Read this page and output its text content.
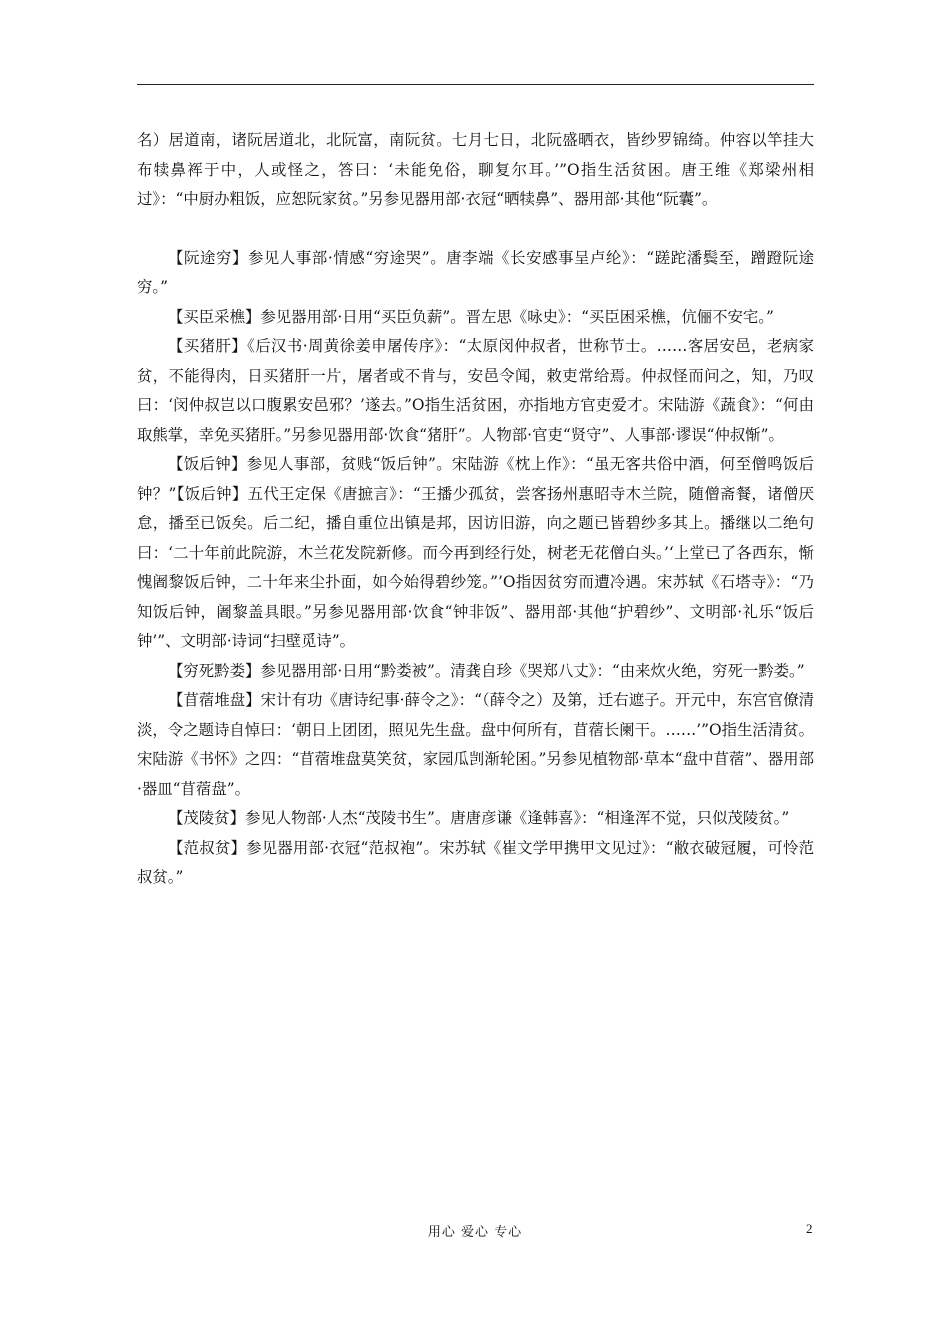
名）居道南，诸阮居道北，北阮富，南阮贫。七月七日，北阮盛晒衣，皆纱罗锦绮。仲容以竿挂大布犊鼻裈于中，人或怪之，答曰：‘未能免俗，聊复尔耳。’”O指生活贫困。唐王维《郑梁州相过》：“中厨办粗饭，应恕阮家贫。”另参见器用部·衣冠“晒犊鼻”、器用部·其他“阮囊”。

【阮途穷】参见人事部·情感“穷途哭”。唐李端《长安感事呈卢纶》：“蹉跎潘鬓至，蹭蹬阮途穷。”

【买臣采樵】参见器用部·日用“买臣负薪”。晋左思《咏史》：“买臣困采樵，伉俪不安宅。”

【买猪肝】《后汉书·周黄徐姜申屠传序》：“太原闵仲叔者，世称节士。……客居安邑，老病家贫，不能得肉，日买猪肝一片，屠者或不肯与，安邑令闻，敕吏常给焉。仲叔怪而问之，知，乃叹曰：‘闵仲叔岂以口腹累安邑邪？’遂去。”O指生活贫困，亦指地方官吏爱才。宋陆游《蔬食》：“何由取熊掌，幸免买猪肝。”另参见器用部·饮食“猪肝”。人物部·官吏“贤守”、人事部·谬误“仲叔惭”。

【饭后钟】参见人事部，贫贱“饭后钟”。宋陆游《枕上作》：“虽无客共俗中酒，何至僧鸣饭后钟？”【饭后钟】五代王定保《唐摭言》：“王播少孤贫，尝客扬州惠昭寺木兰院，随僧斋餐，诸僧厌怠，播至已饭矣。后二纪，播自重位出镇是邦，因访旧游，向之题已皆碧纱多其上。播继以二绝句曰：‘二十年前此院游，木兰花发院新修。而今再到经行处，树老无花僧白头。’‘上堂已了各西东，惭愧阇黎饭后钟，二十年来尘扑面，如今始得碧纱笼。”’O指因贫穷而遭冷遇。宋苏轼《石塔寺》：“乃知饭后钟，阇黎盖具眼。”另参见器用部·饮食“钟非饭”、器用部·其他“护碧纱”、文明部·礼乐“饭后钟’”、文明部·诗词“扫壁觅诗”。

【穷死黔娄】参见器用部·日用“黔娄被”。清龚自珍《哭郑八丈》：“由来炊火绝，穷死一黔娄。”

【苜蓿堆盘】宋计有功《唐诗纪事·薛令之》：“（薛令之）及第，迁右遮子。开元中，东宫官僚清淡，令之题诗自悼曰：‘朝日上团团，照见先生盘。盘中何所有，苜蓿长阑干。……’”O指生活清贫。宋陆游《书怀》之四：“苜蓿堆盘莫笑贫，家园瓜剀渐轮囷。”另参见植物部·草本“盘中苜蓿”、器用部·器皿“苜蓿盘”。

【茂陵贫】参见人物部·人杰“茂陵书生”。唐唐彦谦《逢韩喜》：“相逢浑不觉，只似茂陵贫。”

【范叔贫】参见器用部·衣冠“范叔袍”。宋苏轼《崔文学甲携甲文见过》：“敝衣破冠履，可怜范叔贫。”

用心 爱心 专心	2
